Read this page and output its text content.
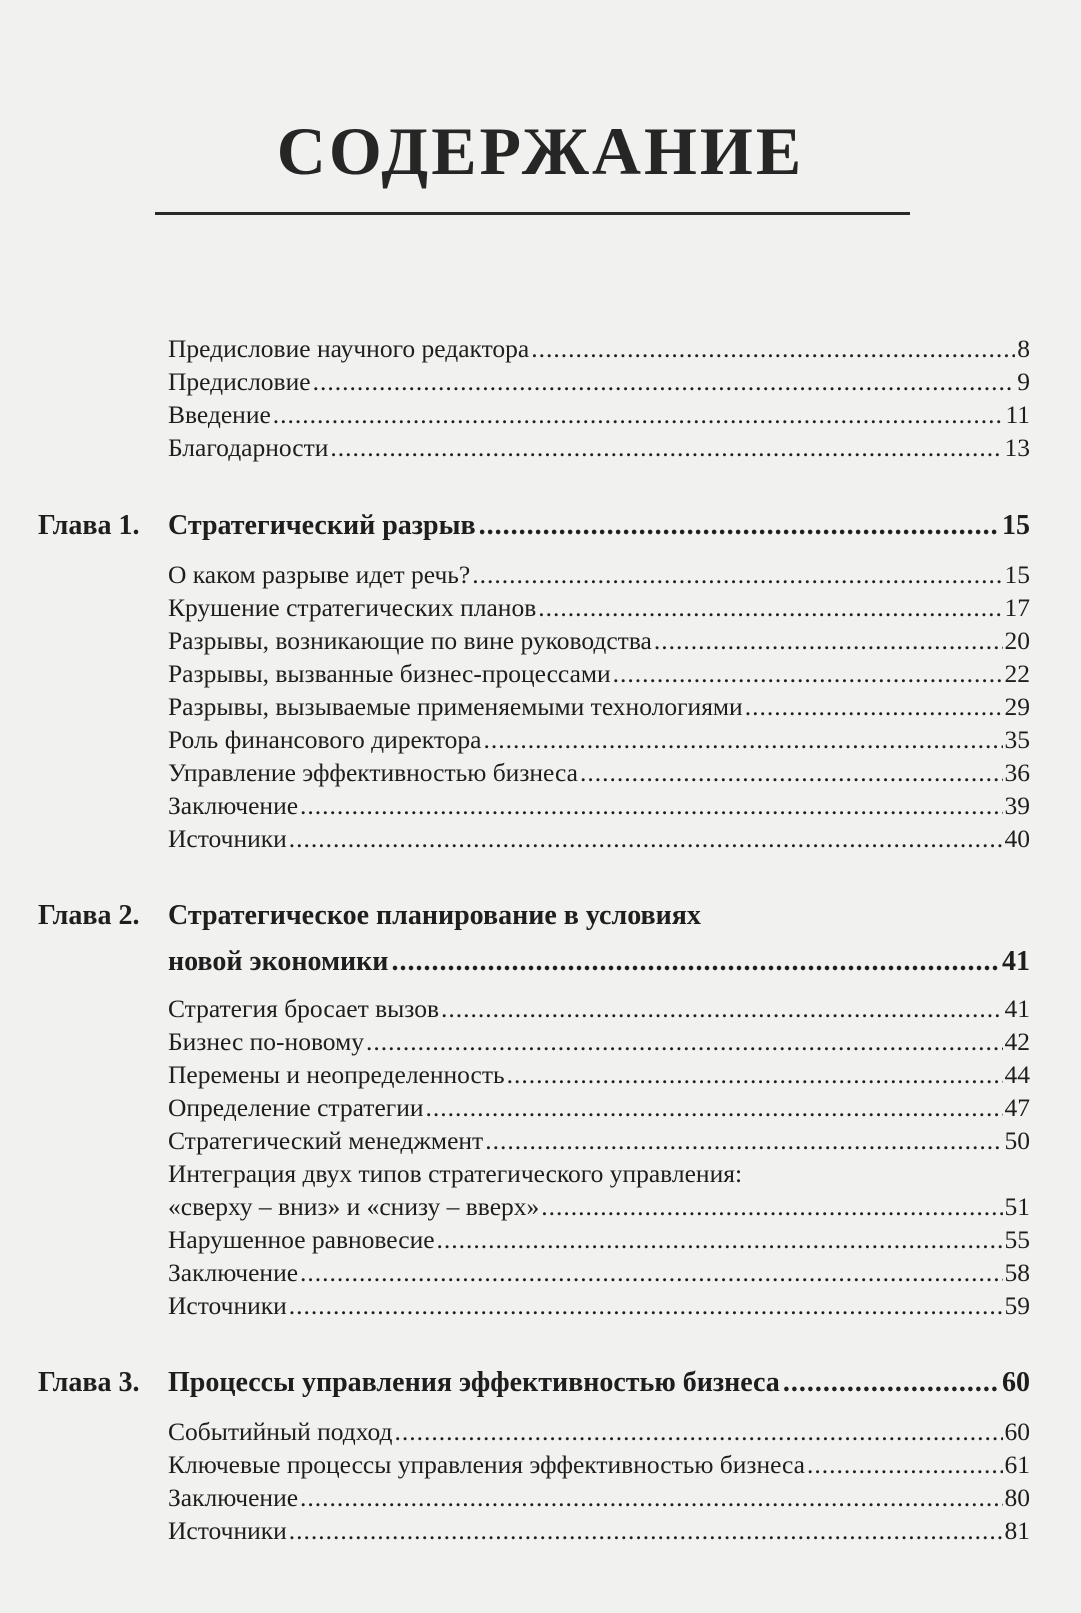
СОДЕРЖАНИЕ
Предисловие научного редактора .....	8
Предисловие .....	9
Введение .....	11
Благодарности .....	13
Глава 1. Стратегический разрыв .....	15
О каком разрыве идет речь? .....	15
Крушение стратегических планов .....	17
Разрывы, возникающие по вине руководства .....	20
Разрывы, вызванные бизнес-процессами .....	22
Разрывы, вызываемые применяемыми технологиями .....	29
Роль финансового директора .....	35
Управление эффективностью бизнеса .....	36
Заключение .....	39
Источники .....	40
Глава 2. Стратегическое планирование в условиях
новой экономики .....	41
Стратегия бросает вызов .....	41
Бизнес по-новому .....	42
Перемены и неопределенность .....	44
Определение стратегии .....	47
Стратегический менеджмент .....	50
Интеграция двух типов стратегического управления:
«сверху – вниз» и «снизу – вверх» .....	51
Нарушенное равновесие .....	55
Заключение .....	58
Источники .....	59
Глава 3. Процессы управления эффективностью бизнеса .....	60
Событийный подход .....	60
Ключевые процессы управления эффективностью бизнеса .....	61
Заключение .....	80
Источники .....	81
